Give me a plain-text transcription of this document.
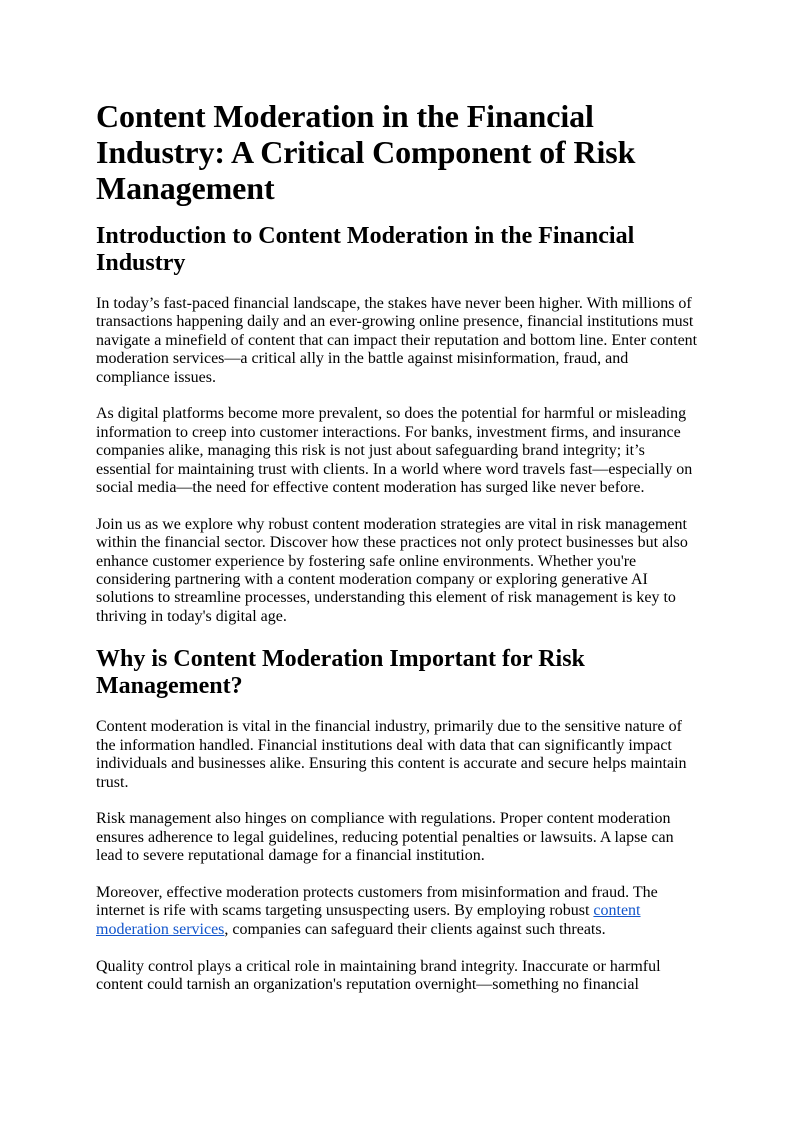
Content Moderation in the Financial Industry: A Critical Component of Risk Management
Introduction to Content Moderation in the Financial Industry

In today’s fast-paced financial landscape, the stakes have never been higher. With millions of transactions happening daily and an ever-growing online presence, financial institutions must navigate a minefield of content that can impact their reputation and bottom line. Enter content moderation services—a critical ally in the battle against misinformation, fraud, and compliance issues.

As digital platforms become more prevalent, so does the potential for harmful or misleading information to creep into customer interactions. For banks, investment firms, and insurance companies alike, managing this risk is not just about safeguarding brand integrity; it’s essential for maintaining trust with clients. In a world where word travels fast—especially on social media—the need for effective content moderation has surged like never before.

Join us as we explore why robust content moderation strategies are vital in risk management within the financial sector. Discover how these practices not only protect businesses but also enhance customer experience by fostering safe online environments. Whether you're considering partnering with a content moderation company or exploring generative AI solutions to streamline processes, understanding this element of risk management is key to thriving in today's digital age.

Why is Content Moderation Important for Risk Management?

Content moderation is vital in the financial industry, primarily due to the sensitive nature of the information handled. Financial institutions deal with data that can significantly impact individuals and businesses alike. Ensuring this content is accurate and secure helps maintain trust.

Risk management also hinges on compliance with regulations. Proper content moderation ensures adherence to legal guidelines, reducing potential penalties or lawsuits. A lapse can lead to severe reputational damage for a financial institution.

Moreover, effective moderation protects customers from misinformation and fraud. The internet is rife with scams targeting unsuspecting users. By employing robust content moderation services, companies can safeguard their clients against such threats.

Quality control plays a critical role in maintaining brand integrity. Inaccurate or harmful content could tarnish an organization's reputation overnight—something no financial
